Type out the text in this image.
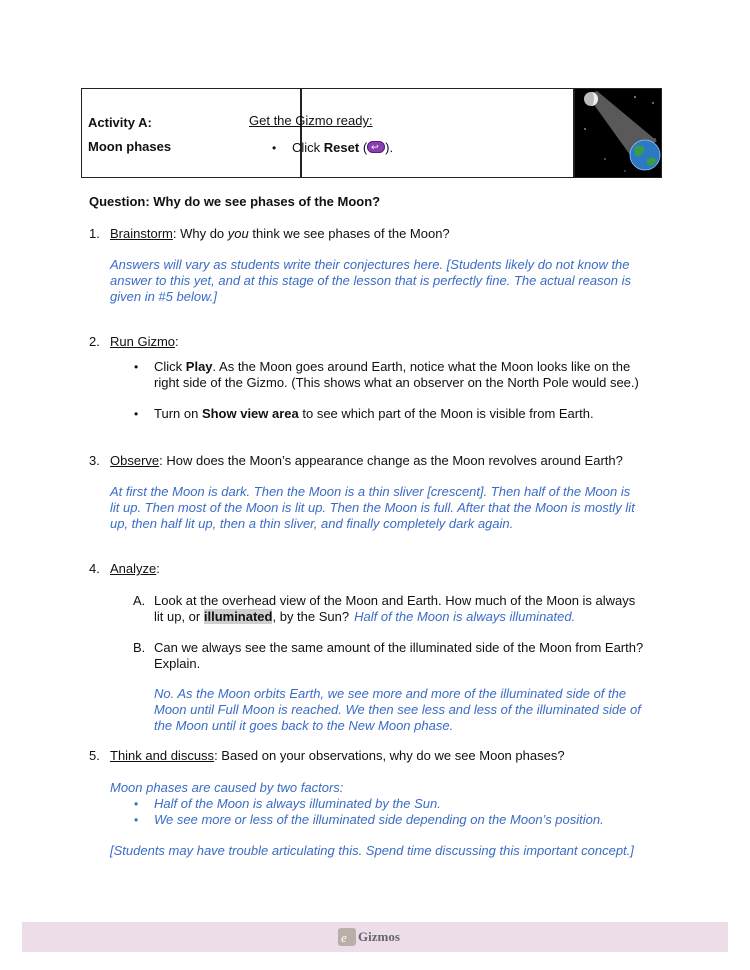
Activity A:
Moon phases
Get the Gizmo ready:
• Click Reset (↩ ).
Question: Why do we see phases of the Moon?
1. Brainstorm: Why do you think we see phases of the Moon?
Answers will vary as students write their conjectures here. [Students likely do not know the
answer to this yet, and at this stage of the lesson that is perfectly fine. The actual reason is
given in #5 below.]
2. Run Gizmo:
• Click Play. As the Moon goes around Earth, notice what the Moon looks like on the
right side of the Gizmo. (This shows what an observer on the North Pole would see.)
• Turn on Show view area to see which part of the Moon is visible from Earth.
3. Observe: How does the Moon’s appearance change as the Moon revolves around Earth?
At first the Moon is dark. Then the Moon is a thin sliver [crescent]. Then half of the Moon is
lit up. Then most of the Moon is lit up. Then the Moon is full. After that the Moon is mostly lit
up, then half lit up, then a thin sliver, and finally completely dark again.
4. Analyze:
A. Look at the overhead view of the Moon and Earth. How much of the Moon is always
lit up, or illuminated, by the Sun? Half of the Moon is always illuminated.
B. Can we always see the same amount of the illuminated side of the Moon from Earth?
Explain.
No. As the Moon orbits Earth, we see more and more of the illuminated side of the
Moon until Full Moon is reached. We then see less and less of the illuminated side of
the Moon until it goes back to the New Moon phase.
5. Think and discuss: Based on your observations, why do we see Moon phases?
Moon phases are caused by two factors:
• Half of the Moon is always illuminated by the Sun.
• We see more or less of the illuminated side depending on the Moon’s position.
[Students may have trouble articulating this. Spend time discussing this important concept.]
e Gizmos
